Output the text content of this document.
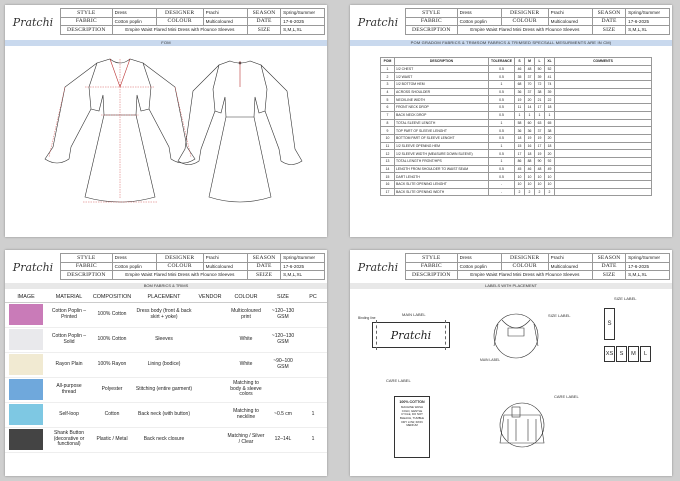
Pratchi
STYLE	Dress	DESIGNER	Prachi	SEASON	Spring/Summer
FABRIC	Cotton poplin	COLOUR	Multicoloured	DATE	17-6-2025
DESCRIPTION	Empire Waist Flared Mini Dress with Flounce Sleeves			SIZE	S,M,L,XL
FOM
Pratchi
STYLE	Dress	DESIGNER	Prachi	SEASON	Spring/Summer
FABRIC	Cotton poplin	COLOUR	Multicoloured	DATE	17-6-2025
DESCRIPTION	Empire Waist Flared Mini Dress with Flounce Sleeves			SIZE	S,M,L,XL
POM GRADOM FABRICS & TRIMSOM FABRICS & TRIMSED SPECSALL MESURMENTS ARE IN CM)
POM	DESCRIPTION	TOLERANCE	S	M	L	XL	COMMENTS
1	1/2 CHEST	0.5	46	48	50	52	
2	1/2 WAIST	0.5	35	37	39	41	
3	1/2 BOTTOM HEM	1	68	70	72	74	
4	ACROSS SHOULDER	0.5	36	37	38	39	
5	NECKLINE WIDTH	0.5	19	20	21	22	
6	FRONT NECK DROP	0.5	11	14	17	18	
7	BACK NECK DROP	0.5	1	1	1	1	
8	TOTAL SLEEVE LENGTH	1	58	60	63	65	
9	TOP PART OF SLEEVE LENGHT	0.5	36	36	37	38	
10	BOTTOM PART OF SLEEVE LENGHT	0.5	18	19	19	20	
11	1/2 SLEEVE OPENING HEM	1	15	16	17	18	
12	1/2 SLEEVE WIDTH (MEASURE DOWN SLEEVE)	0.5	17	18	19	20	
13	TOTAL LENGTH FRONT/HPS	1	86	88	90	92	
14	LENGTH FROM SHOULDER TO WAIST SEAM	0.5	45	46	48	49	
15	DART LENGTH	0.5	10	10	10	10	
16	BACK SLITE OPENING LENGHT	-	10	10	10	10	
17	BACK SLITE OPENING WIDTH	-	2	2	2	2	
Pratchi
STYLE	Dress	DESIGNER	Prachi	SEASON	Spring/Summer
FABRIC	Cotton poplin	COLOUR	Multicoloured	DATE	17-6-2025
DESCRIPTION	Empire Waist Flared Mini Dress with Flounce Sleeves			SEIZE	S,M,L,XL
BOM FABRICS & TRIMS
IMAGE	MATERIAL	COMPOSITION	PLACEMENT	VENDOR	COLOUR	SIZE	PC
	Cotton Poplin – Printed	100% Cotton	Dress body (front & back skirt + yoke)		Multicoloured print	~120–130 GSM	
	Cotton Poplin – Solid	100% Cotton	Sleeves		White	~120–130 GSM	
	Rayon Plain	100% Rayon	Lining (bodice)		White	~90–100 GSM	
	All-purpose thread	Polyester	Stitching (entire garment)		Matching to body & sleeve colors		
	Self-loop	Cotton	Back neck (with button)		Matching to neckline	~0.5 cm	1
	Shank Button (decorative or functional)	Plastic / Metal	Back neck closure		Matching / Silver / Clear	12–14L	1
Pratchi
STYLE	Dress	DESIGNER	Prachi	SEASON	Spring/Summer
FABRIC	Cotton poplin	COLOUR	Multicoloured	DATE	17-6-2025
DESCRIPTION	Empire Waist Flared Mini Dress with Flounce Sleeves			SIZE	S,M,L,XL
LABELS WITH PLACEMENT
MAIN LABEL
Binding line
Pratchi
CARE LABEL
100% COTTON
MACHINE WASH COLD, GENTLE CYCLE, DO NOT BLEACH, TUMBLE DRY LOW, IRON MEDIUM
SIZE LABEL
MAIN LABEL
CARE LABEL
SIZE LABEL
S
XS	S	M	L
